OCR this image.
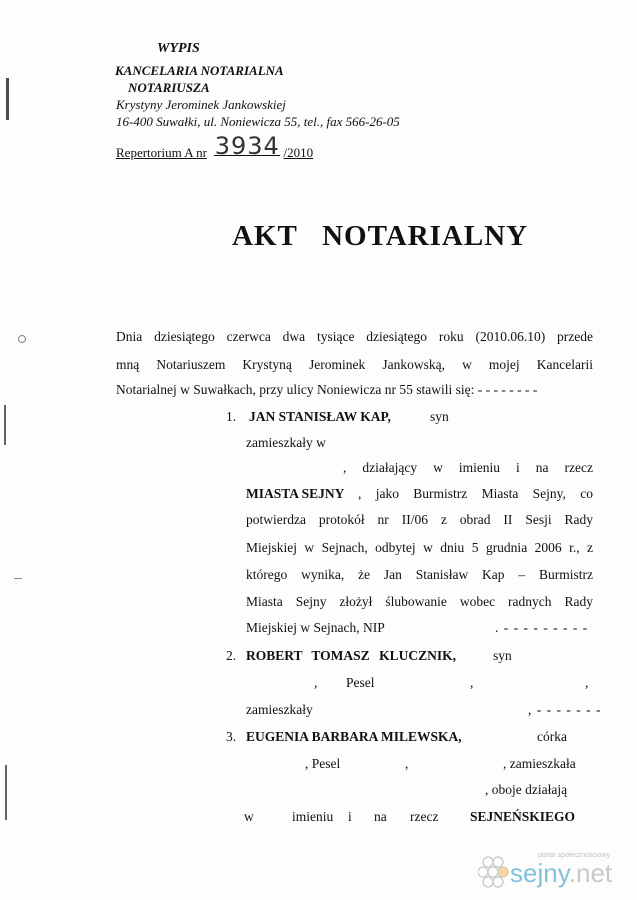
WYPIS
KANCELARIA NOTARIALNA
NOTARIUSZA
Krystyny Jerominek Jankowskiej
16-400 Suwałki, ul. Noniewicza 55, tel., fax 566-26-05
Repertorium A nr 3934 /2010
AKT   NOTARIALNY
Dnia dziesiątego czerwca dwa tysiące dziesiątego roku (2010.06.10) przede
mną Notariuszem Krystyną Jerominek Jankowską, w mojej Kancelarii
Notarialnej w Suwałkach, przy ulicy Noniewicza nr 55 stawili się: - - - - - - - -
1. JAN STANISŁAW KAP,	syn
zamieszkały w
, działający w imieniu i na rzecz
MIASTA SEJNY , jako Burmistrz Miasta Sejny, co
potwierdza protokół nr II/06 z obrad II Sesji Rady
Miejskiej w Sejnach, odbytej w dniu 5 grudnia 2006 r., z
którego wynika, że Jan Stanisław Kap – Burmistrz
Miasta Sejny złożył ślubowanie wobec radnych Rady
Miejskiej w Sejnach, NIP	. - - - - - - - - -
2. ROBERT TOMASZ KLUCZNIK,	syn
, Pesel	,	,
zamieszkały	, - - - - - - -
3. EUGENIA BARBARA MILEWSKA,	córka
, Pesel	,	, zamieszkała
, oboje działają
w	imieniu i na rzecz SEJNEŃSKIEGO
portal społecznościowy
sejny.net
